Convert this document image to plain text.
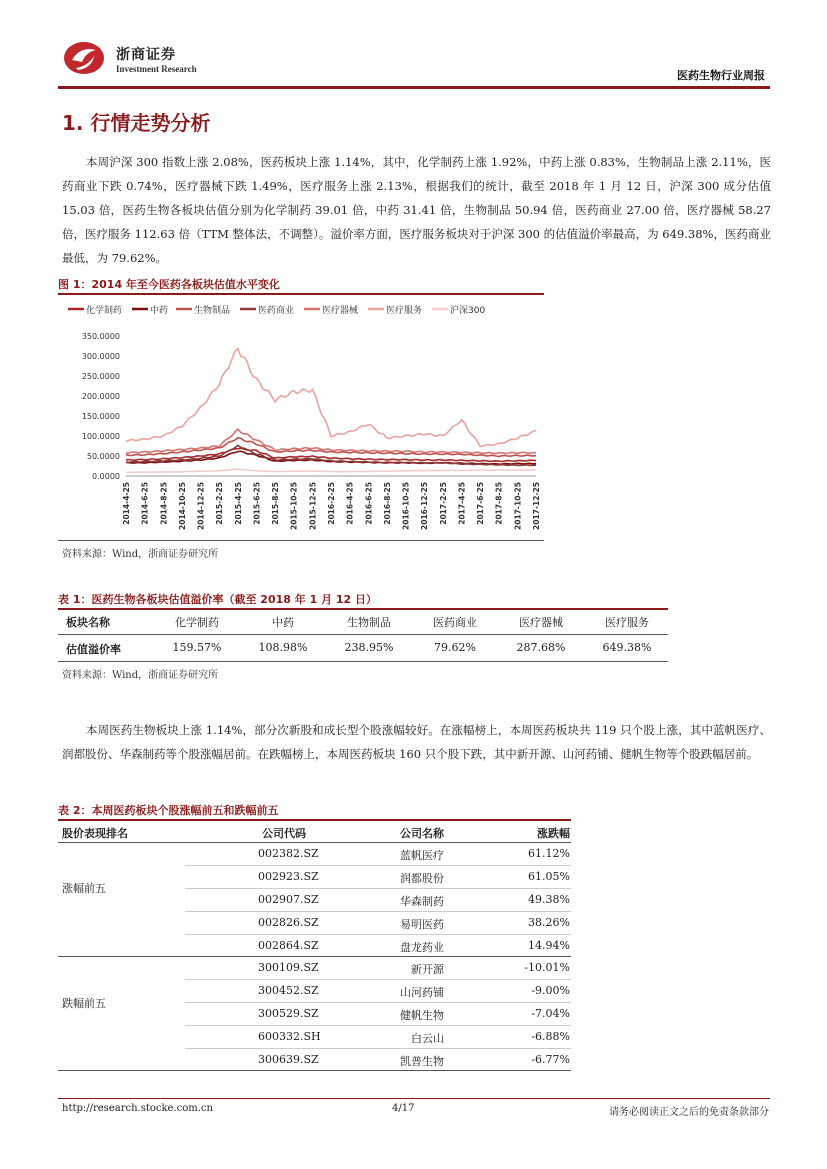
浙商证券
Investment Research	医药生物行业周报
1. 行情走势分析
本周沪深 300 指数上涨 2.08%，医药板块上涨 1.14%，其中，化学制药上涨 1.92%，中药上涨 0.83%，生物制品上涨 2.11%，医药商业下跌 0.74%，医疗器械下跌 1.49%，医疗服务上涨 2.13%，根据我们的统计，截至 2018 年 1 月 12 日，沪深 300 成分估值 15.03 倍，医药生物各板块估值分别为化学制药 39.01 倍，中药 31.41 倍，生物制品 50.94 倍，医药商业 27.00 倍，医疗器械 58.27 倍，医疗服务 112.63 倍（TTM 整体法，不调整）。溢价率方面，医疗服务板块对于沪深 300 的估值溢价率最高，为 649.38%，医药商业最低，为 79.62%。
图 1：2014 年至今医药各板块估值水平变化
化学制药	中药	生物制品	医药商业	医疗器械	医疗服务	沪深300
0.0000
50.0000
100.0000
150.0000
200.0000
250.0000
300.0000
350.0000
2014-4-25 2014-6-25 2014-8-25 2014-10-25 2014-12-25 2015-2-25 2015-4-25 2015-6-25 2015-8-25 2015-10-25 2015-12-25 2016-2-25 2016-4-25 2016-6-25 2016-8-25 2016-10-25 2016-12-25 2017-2-25 2017-4-25 2017-6-25 2017-8-25 2017-10-25 2017-12-25
资料来源：Wind，浙商证券研究所
表 1：医药生物各板块估值溢价率（截至 2018 年 1 月 12 日）
板块名称	化学制药	中药	生物制品	医药商业	医疗器械	医疗服务
估值溢价率	159.57%	108.98%	238.95%	79.62%	287.68%	649.38%
资料来源：Wind，浙商证券研究所
本周医药生物板块上涨 1.14%，部分次新股和成长型个股涨幅较好。在涨幅榜上，本周医药板块共 119 只个股上涨，其中蓝帆医疗、润都股份、华森制药等个股涨幅居前。在跌幅榜上，本周医药板块 160 只个股下跌，其中新开源、山河药铺、健帆生物等个股跌幅居前。
表 2：本周医药板块个股涨幅前五和跌幅前五
股价表现排名	公司代码	公司名称	涨跌幅
涨幅前五
002382.SZ	蓝帆医疗	61.12%
002923.SZ	润都股份	61.05%
002907.SZ	华森制药	49.38%
002826.SZ	易明医药	38.26%
002864.SZ	盘龙药业	14.94%
跌幅前五
300109.SZ	新开源	-10.01%
300452.SZ	山河药铺	-9.00%
300529.SZ	健帆生物	-7.04%
600332.SH	白云山	-6.88%
300639.SZ	凯普生物	-6.77%
http://research.stocke.com.cn	4/17	请务必阅读正文之后的免责条款部分
